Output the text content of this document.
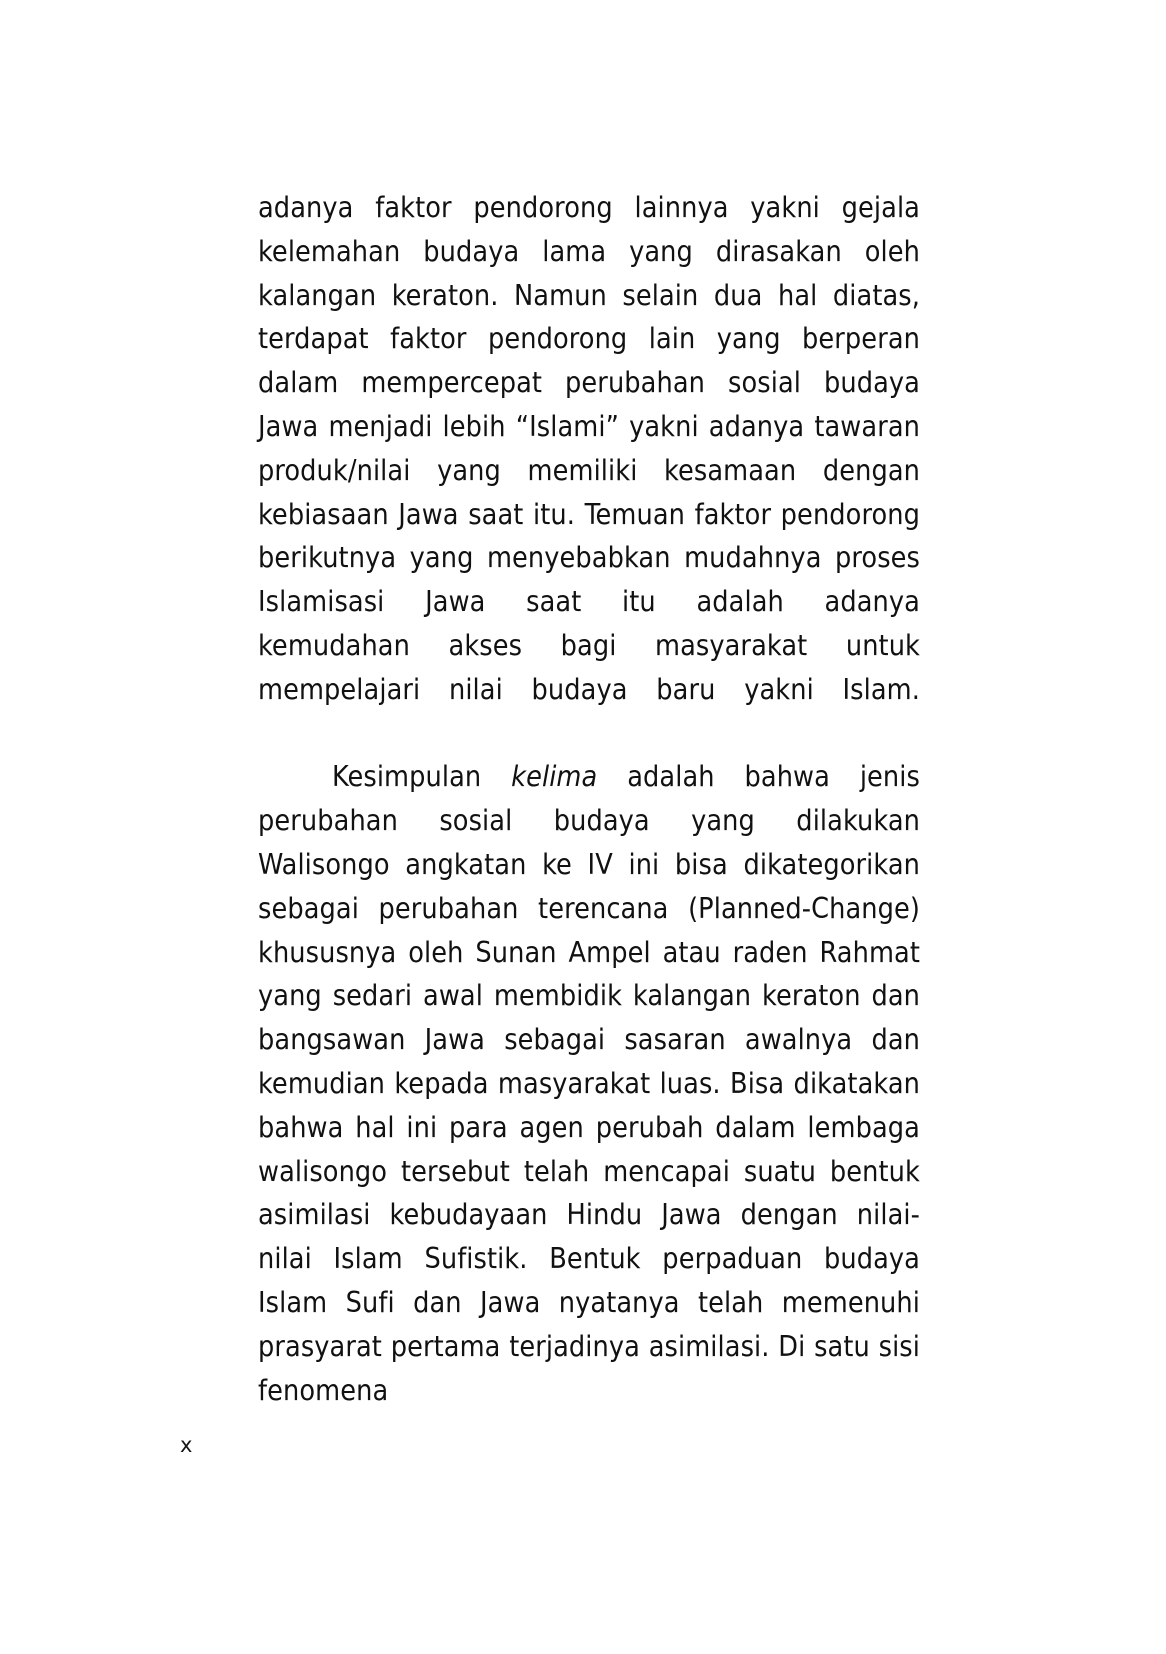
adanya faktor pendorong lainnya yakni gejala kelemahan budaya lama yang dirasakan oleh kalangan keraton. Namun selain dua hal diatas, terdapat faktor pendorong lain yang berperan dalam mempercepat perubahan sosial budaya Jawa menjadi lebih “Islami” yakni adanya tawaran produk/nilai yang memiliki kesamaan dengan kebiasaan Jawa saat itu. Temuan faktor pendorong berikutnya yang menyebabkan mudahnya proses Islamisasi Jawa saat itu adalah adanya kemudahan akses bagi masyarakat untuk mempelajari nilai budaya baru yakni Islam.

Kesimpulan kelima adalah bahwa jenis perubahan sosial budaya yang dilakukan Walisongo angkatan ke IV ini bisa dikategorikan sebagai perubahan terencana (Planned-Change) khususnya oleh Sunan Ampel atau raden Rahmat yang sedari awal membidik kalangan keraton dan bangsawan Jawa sebagai sasaran awalnya dan kemudian kepada masyarakat luas. Bisa dikatakan bahwa hal ini para agen perubah dalam lembaga walisongo tersebut telah mencapai suatu bentuk asimilasi kebudayaan Hindu Jawa dengan nilai-nilai Islam Sufistik. Bentuk perpaduan budaya Islam Sufi dan Jawa nyatanya telah memenuhi prasyarat pertama terjadinya asimilasi. Di satu sisi fenomena

x
